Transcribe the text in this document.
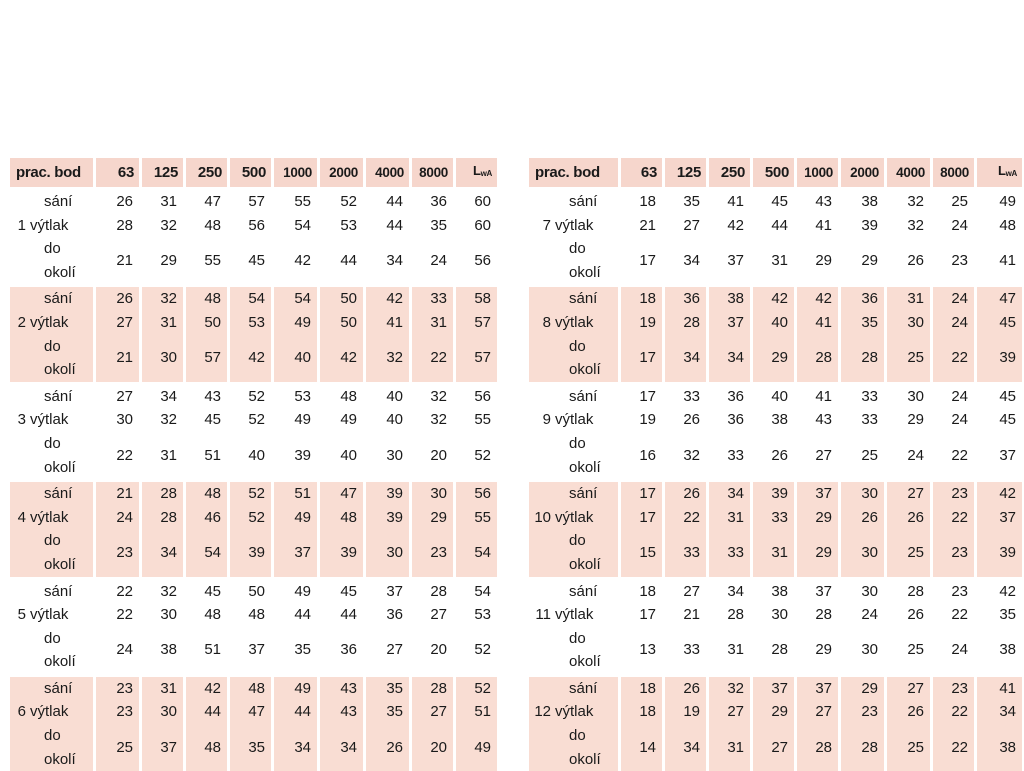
prac. bod		63	125	250	500	1000	2000	4000	8000	$L_{wA}$
	sání	26	31	47	57	55	52	44	36	60
1	výtlak	28	32	48	56	54	53	44	35	60
	do okolí	21	29	55	45	42	44	34	24	56
	sání	26	32	48	54	54	50	42	33	58
2	výtlak	27	31	50	53	49	50	41	31	57
	do okolí	21	30	57	42	40	42	32	22	57
	sání	27	34	43	52	53	48	40	32	56
3	výtlak	30	32	45	52	49	49	40	32	55
	do okolí	22	31	51	40	39	40	30	20	52
	sání	21	28	48	52	51	47	39	30	56
4	výtlak	24	28	46	52	49	48	39	29	55
	do okolí	23	34	54	39	37	39	30	23	54
	sání	22	32	45	50	49	45	37	28	54
5	výtlak	22	30	48	48	44	44	36	27	53
	do okolí	24	38	51	37	35	36	27	20	52
	sání	23	31	42	48	49	43	35	28	52
6	výtlak	23	30	44	47	44	43	35	27	51
	do okolí	25	37	48	35	34	34	26	20	49
prac. bod		63	125	250	500	1000	2000	4000	8000	$L_{wA}$
	sání	18	35	41	45	43	38	32	25	49
7	výtlak	21	27	42	44	41	39	32	24	48
	do okolí	17	34	37	31	29	29	26	23	41
	sání	18	36	38	42	42	36	31	24	47
8	výtlak	19	28	37	40	41	35	30	24	45
	do okolí	17	34	34	29	28	28	25	22	39
	sání	17	33	36	40	41	33	30	24	45
9	výtlak	19	26	36	38	43	33	29	24	45
	do okolí	16	32	33	26	27	25	24	22	37
	sání	17	26	34	39	37	30	27	23	42
10	výtlak	17	22	31	33	29	26	26	22	37
	do okolí	15	33	33	31	29	30	25	23	39
	sání	18	27	34	38	37	30	28	23	42
11	výtlak	17	21	28	30	28	24	26	22	35
	do okolí	13	33	31	28	29	30	25	24	38
	sání	18	26	32	37	37	29	27	23	41
12	výtlak	18	19	27	29	27	23	26	22	34
	do okolí	14	34	31	27	28	28	25	22	38
